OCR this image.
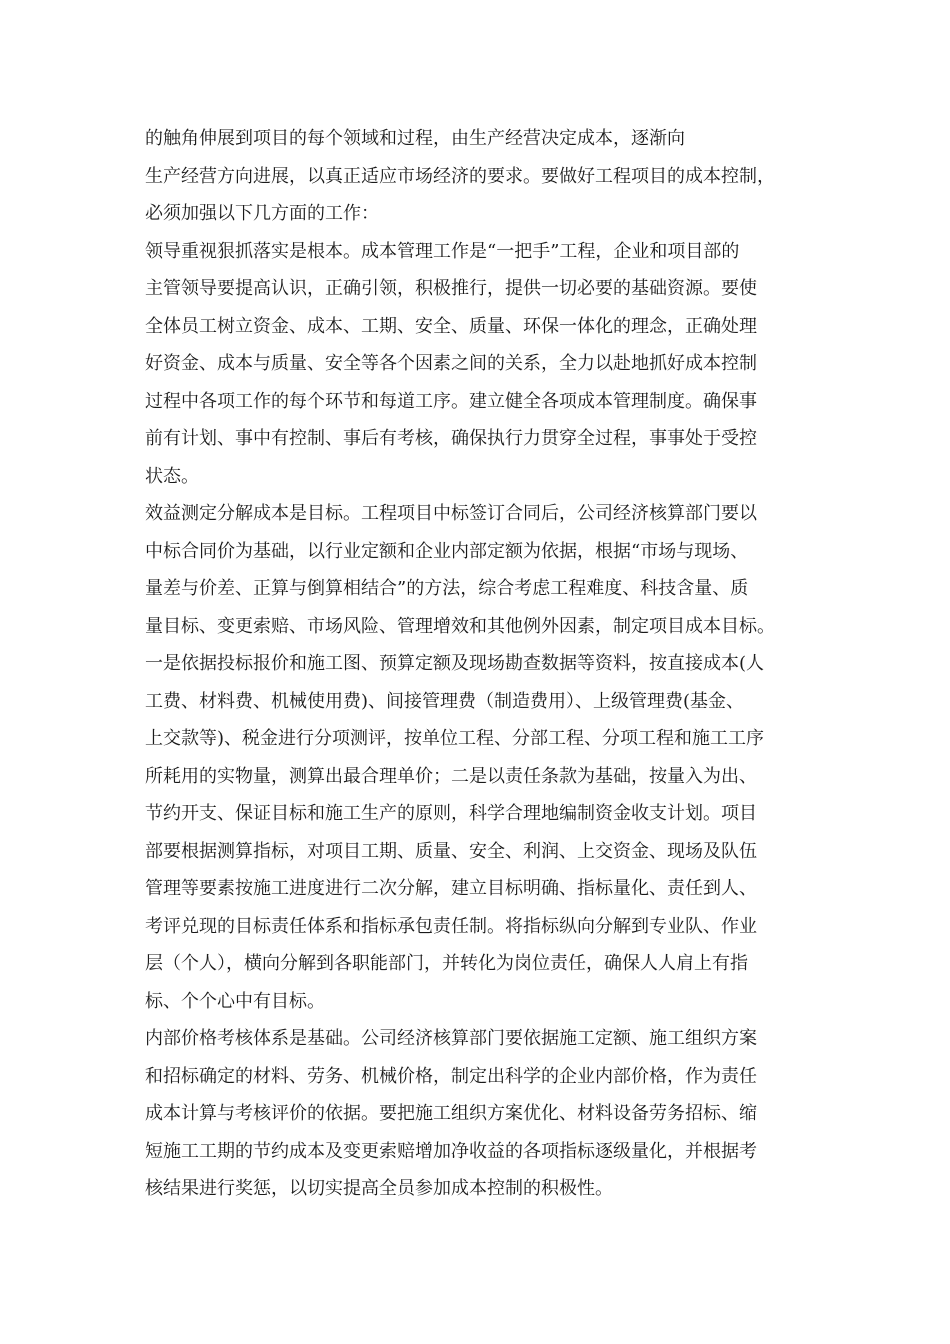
的触角伸展到项目的每个领域和过程，由生产经营决定成本，逐渐向
生产经营方向进展，以真正适应市场经济的要求。要做好工程项目的成本控制，
必须加强以下几方面的工作：
领导重视狠抓落实是根本。成本管理工作是“一把手”工程，企业和项目部的
主管领导要提高认识，正确引领，积极推行，提供一切必要的基础资源。要使
全体员工树立资金、成本、工期、安全、质量、环保一体化的理念，正确处理
好资金、成本与质量、安全等各个因素之间的关系，全力以赴地抓好成本控制
过程中各项工作的每个环节和每道工序。建立健全各项成本管理制度。确保事
前有计划、事中有控制、事后有考核，确保执行力贯穿全过程，事事处于受控
状态。
效益测定分解成本是目标。工程项目中标签订合同后，公司经济核算部门要以
中标合同价为基础，以行业定额和企业内部定额为依据，根据“市场与现场、
量差与价差、正算与倒算相结合”的方法，综合考虑工程难度、科技含量、质
量目标、变更索赔、市场风险、管理增效和其他例外因素，制定项目成本目标。
一是依据投标报价和施工图、预算定额及现场勘查数据等资料，按直接成本(人
工费、材料费、机械使用费)、间接管理费（制造费用）、上级管理费(基金、
上交款等)、税金进行分项测评，按单位工程、分部工程、分项工程和施工工序
所耗用的实物量，测算出最合理单价；二是以责任条款为基础，按量入为出、
节约开支、保证目标和施工生产的原则，科学合理地编制资金收支计划。项目
部要根据测算指标，对项目工期、质量、安全、利润、上交资金、现场及队伍
管理等要素按施工进度进行二次分解，建立目标明确、指标量化、责任到人、
考评兑现的目标责任体系和指标承包责任制。将指标纵向分解到专业队、作业
层（个人），横向分解到各职能部门，并转化为岗位责任，确保人人肩上有指
标、个个心中有目标。
内部价格考核体系是基础。公司经济核算部门要依据施工定额、施工组织方案
和招标确定的材料、劳务、机械价格，制定出科学的企业内部价格，作为责任
成本计算与考核评价的依据。要把施工组织方案优化、材料设备劳务招标、缩
短施工工期的节约成本及变更索赔增加净收益的各项指标逐级量化，并根据考
核结果进行奖惩，以切实提高全员参加成本控制的积极性。
